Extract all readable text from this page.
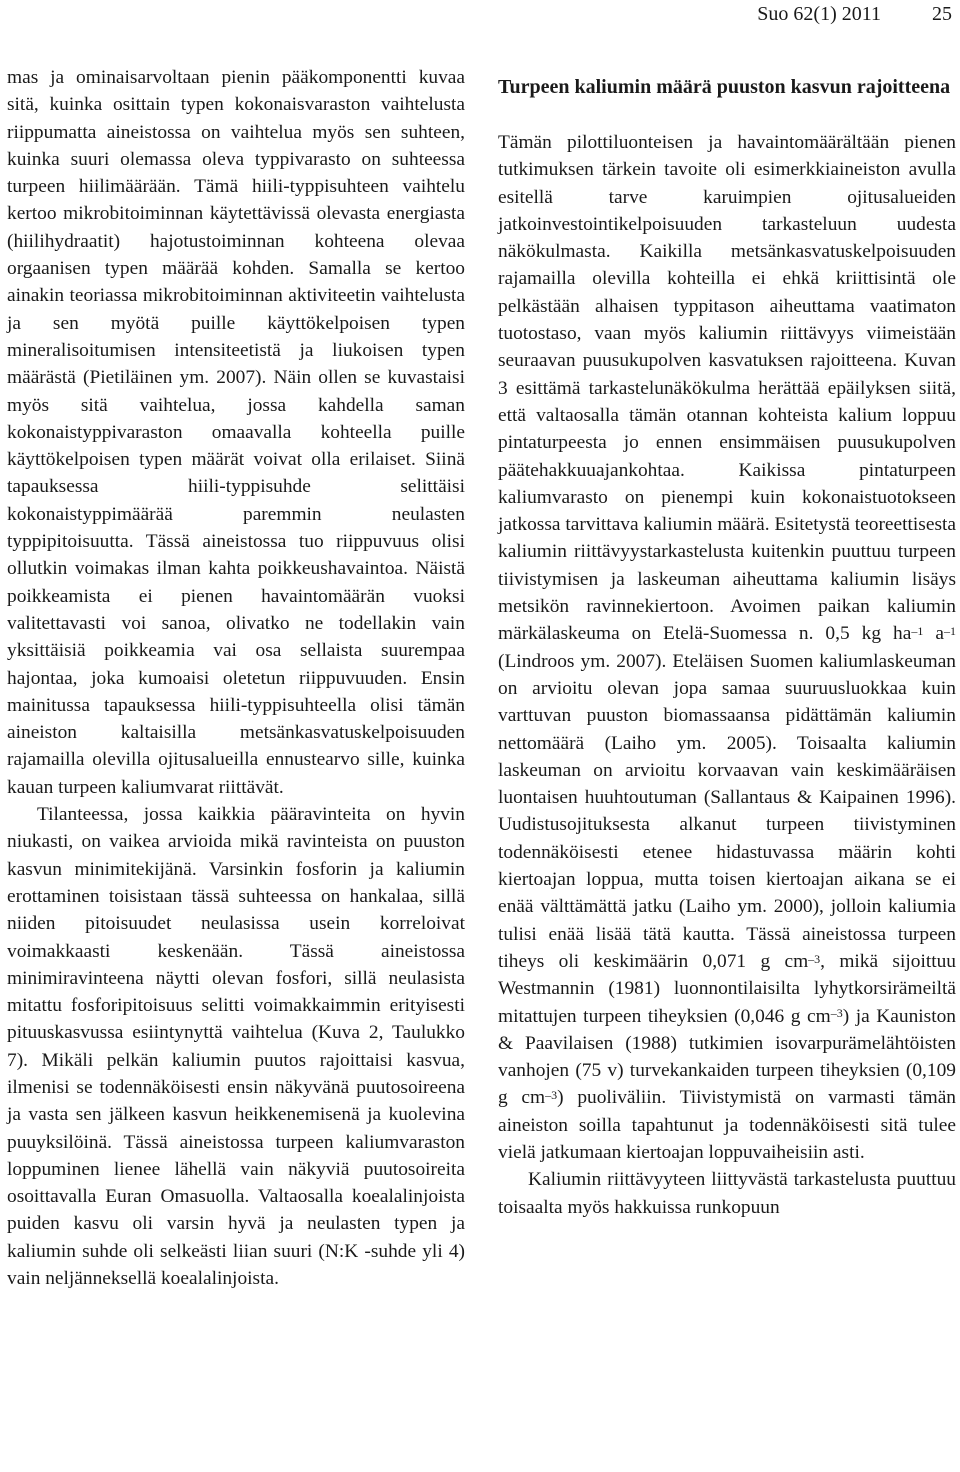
Suo 62(1) 2011	25

mas ja ominaisarvoltaan pienin pääkomponentti kuvaa sitä, kuinka osittain typen kokonaisvaraston vaihtelusta riippumatta aineistossa on vaihtelua myös sen suhteen, kuinka suuri olemassa oleva typpivarasto on suhteessa turpeen hiilimäärään. Tämä hiili-typpisuhteen vaihtelu kertoo mikrobitoiminnan käytettävissä olevasta energiasta (hiilihydraatit) hajotustoiminnan kohteena olevaa orgaanisen typen määrää kohden. Samalla se kertoo ainakin teoriassa mikrobitoiminnan aktiviteetin vaihtelusta ja sen myötä puille käyttökelpoisen typen mineralisoitumisen intensiteetistä ja liukoisen typen määrästä (Pietiläinen ym. 2007). Näin ollen se kuvastaisi myös sitä vaihtelua, jossa kahdella saman kokonaistyppivaraston omaavalla kohteella puille käyttökelpoisen typen määrät voivat olla erilaiset. Siinä tapauksessa hiili-typpisuhde selittäisi kokonaistyppimäärää paremmin neulasten typpipitoisuutta. Tässä aineistossa tuo riippuvuus olisi ollutkin voimakas ilman kahta poikkeushavaintoa. Näistä poikkeamista ei pienen havaintomäärän vuoksi valitettavasti voi sanoa, olivatko ne todellakin vain yksittäisiä poikkeamia vai osa sellaista suurempaa hajontaa, joka kumoaisi oletetun riippuvuuden. Ensin mainitussa tapauksessa hiili-typpisuhteella olisi tämän aineiston kaltaisilla metsänkasvatuskelpoisuuden rajamailla olevilla ojitusalueilla ennustearvo sille, kuinka kauan turpeen kaliumvarat riittävät.

Tilanteessa, jossa kaikkia pääravinteita on hyvin niukasti, on vaikea arvioida mikä ravinteista on puuston kasvun minimitekijänä. Varsinkin fosforin ja kaliumin erottaminen toisistaan tässä suhteessa on hankalaa, sillä niiden pitoisuudet neulasissa usein korreloivat voimakkaasti keskenään. Tässä aineistossa minimiravinteena näytti olevan fosfori, sillä neulasista mitattu fosforipitoisuus selitti voimakkaimmin erityisesti pituuskasvussa esiintynyttä vaihtelua (Kuva 2, Taulukko 7). Mikäli pelkän kaliumin puutos rajoittaisi kasvua, ilmenisi se todennäköisesti ensin näkyvänä puutosoireena ja vasta sen jälkeen kasvun heikkenemisenä ja kuolevina puuyksilöinä. Tässä aineistossa turpeen kaliumvaraston loppuminen lienee lähellä vain näkyviä puutosoireita osoittavalla Euran Omasuolla. Valtaosalla koealalinjoista puiden kasvu oli varsin hyvä ja neulasten typen ja kaliumin suhde oli selkeästi liian suuri (N:K -suhde yli 4) vain neljänneksellä koealalinjoista.

Turpeen kaliumin määrä puuston kasvun rajoitteena

Tämän pilottiluonteisen ja havaintomäärältään pienen tutkimuksen tärkein tavoite oli esimerkkiaineiston avulla esitellä tarve karuimpien ojitusalueiden jatkoinvestointikelpoisuuden tarkasteluun uudesta näkökulmasta. Kaikilla metsänkasvatuskelpoisuuden rajamailla olevilla kohteilla ei ehkä kriittisintä ole pelkästään alhaisen typpitason aiheuttama vaatimaton tuotostaso, vaan myös kaliumin riittävyys viimeistään seuraavan puusukupolven kasvatuksen rajoitteena. Kuvan 3 esittämä tarkastelunäkökulma herättää epäilyksen siitä, että valtaosalla tämän otannan kohteista kalium loppuu pintaturpeesta jo ennen ensimmäisen puusukupolven päätehakkuuajankohtaa. Kaikissa pintaturpeen kaliumvarasto on pienempi kuin kokonaistuotokseen jatkossa tarvittava kaliumin määrä. Esitetystä teoreettisesta kaliumin riittävyystarkastelusta kuitenkin puuttuu turpeen tiivistymisen ja laskeuman aiheuttama kaliumin lisäys metsikön ravinnekiertoon. Avoimen paikan kaliumin märkälaskeuma on Etelä-Suomessa n. 0,5 kg $ha^{-1}$ $a^{-1}$ (Lindroos ym. 2007). Eteläisen Suomen kaliumlaskeuman on arvioitu olevan jopa samaa suuruusluokkaa kuin varttuvan puuston biomassaansa pidättämän kaliumin nettomäärä (Laiho ym. 2005). Toisaalta kaliumin laskeuman on arvioitu korvaavan vain keskimääräisen luontaisen huuhtoutuman (Sallantaus & Kaipainen 1996). Uudistusojituksesta alkanut turpeen tiivistyminen todennäköisesti etenee hidastuvassa määrin kohti kiertoajan loppua, mutta toisen kiertoajan aikana se ei enää välttämättä jatku (Laiho ym. 2000), jolloin kaliumia tulisi enää lisää tätä kautta. Tässä aineistossa turpeen tiheys oli keskimäärin 0,071 g $cm^{-3}$, mikä sijoittuu Westmannin (1981) luonnontilaisilta lyhytkorsirämeiltä mitattujen turpeen tiheyksien (0,046 g $cm^{-3}$) ja Kauniston & Paavilaisen (1988) tutkimien isovarpurämelähtöisten vanhojen (75 v) turvekankaiden turpeen tiheyksien (0,109 g $cm^{-3}$) puoliväliin. Tiivistymistä on varmasti tämän aineiston soilla tapahtunut ja todennäköisesti sitä tulee vielä jatkumaan kiertoajan loppuvaiheisiin asti.

Kaliumin riittävyyteen liittyvästä tarkastelusta puuttuu toisaalta myös hakkuissa runkopuun
